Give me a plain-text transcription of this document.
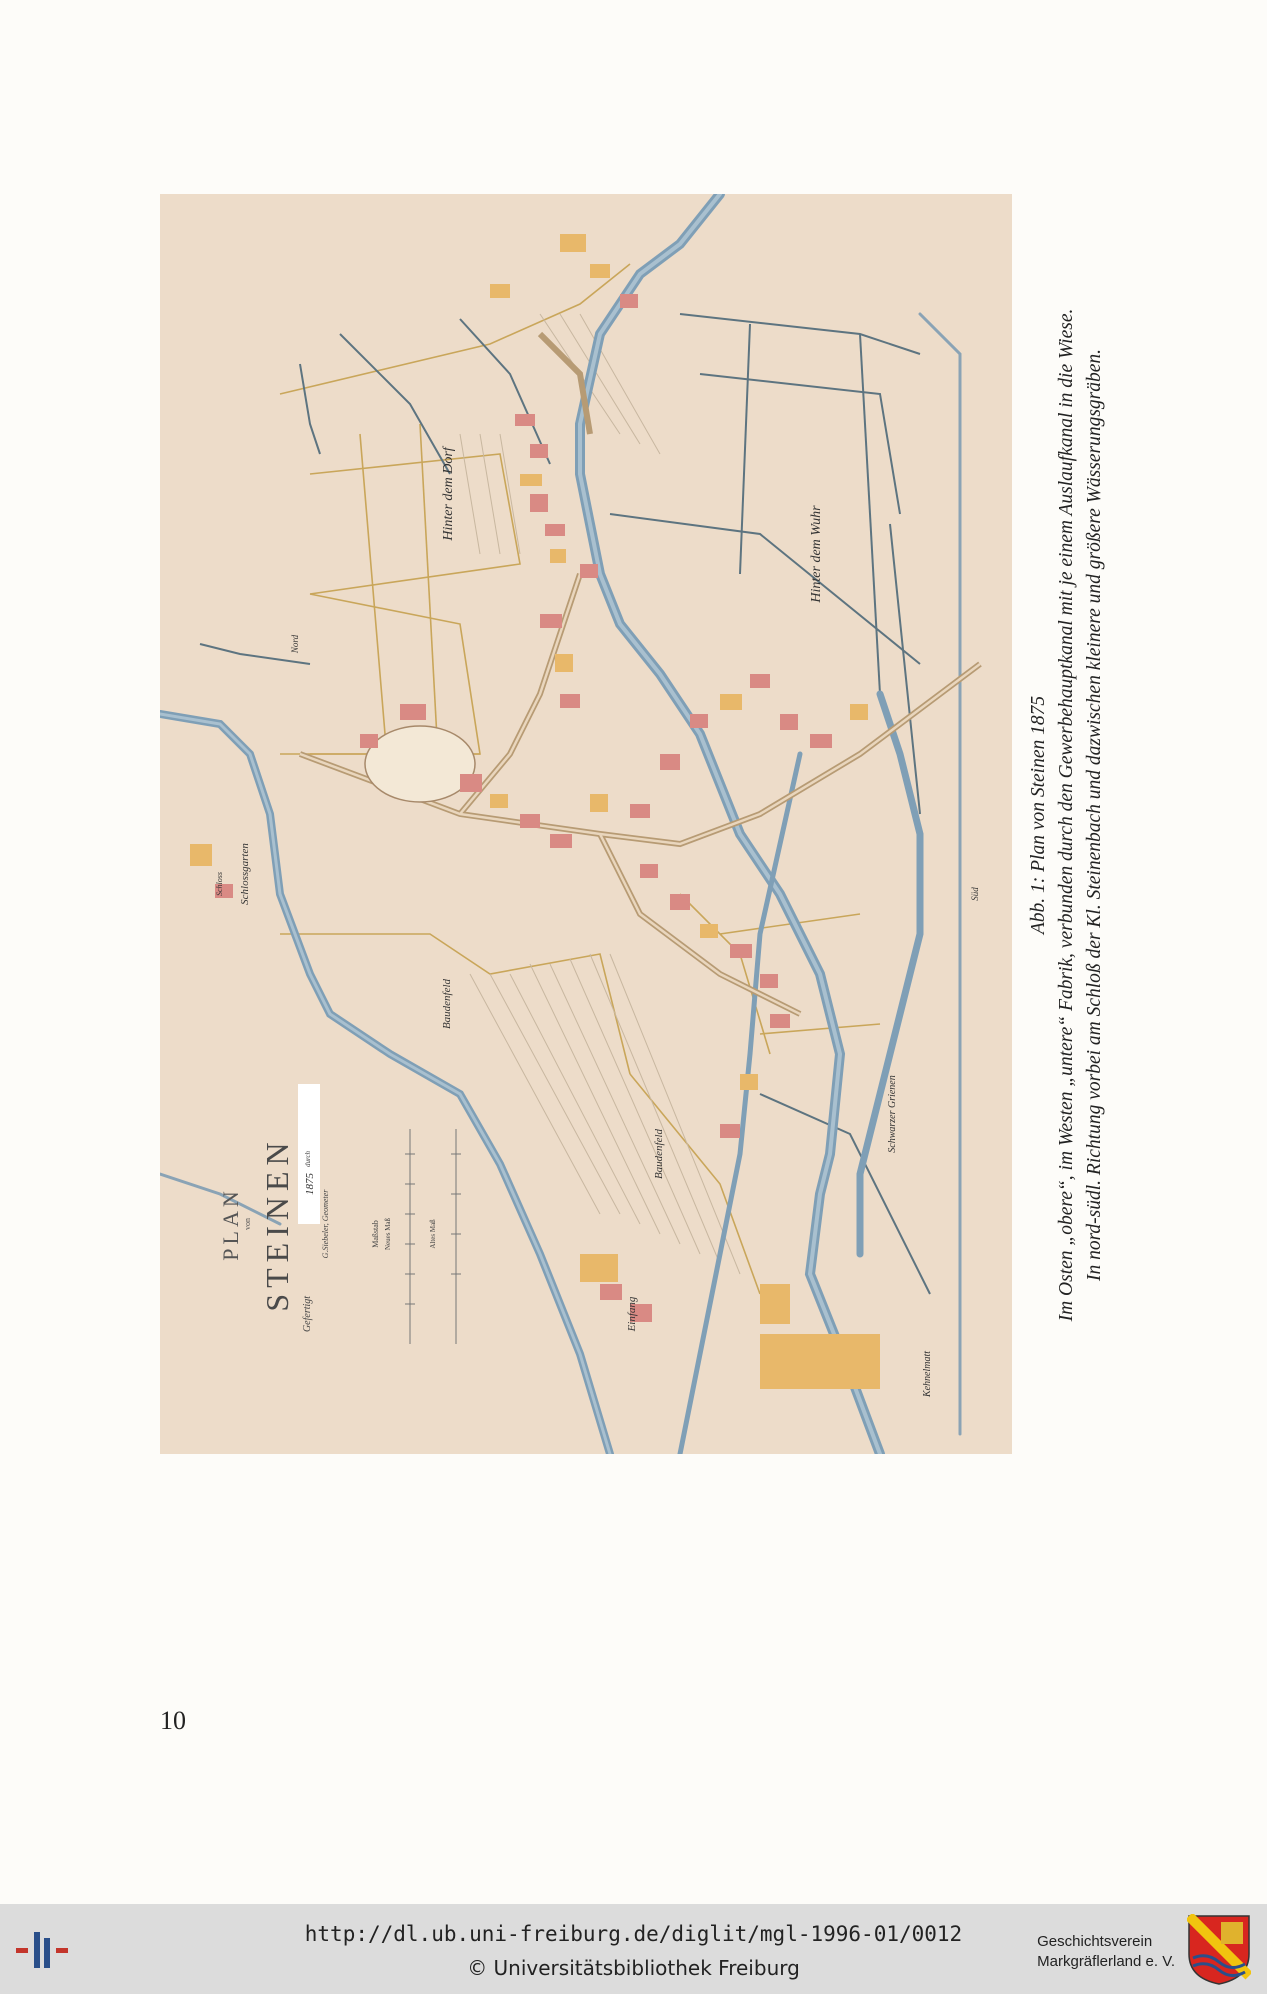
Hinter dem Dorf
Hinter dem Wuhr
Schloss Schlossgarten
Baudenfeld
Baudenfeld
Einfang
Kehnelmatt
Schwarzer Grienen
Nord
Süd
PLAN von STEINEN
Gefertigt
1875
durch
G.Siebeler, Geometer	Maßstab Neues Maß	Altes Maß
Abb. 1: Plan von Steinen 1875 Im Osten „obere“, im Westen „untere“ Fabrik, verbunden durch den Gewerbehauptkanal mit je einem Auslaufkanal in die Wiese. In nord-südl. Richtung vorbei am Schloß der Kl. Steinenbach und dazwischen kleinere und größere Wässerungsgräben.
10
http://dl.ub.uni-freiburg.de/diglit/mgl-1996-01/0012
© Universitätsbibliothek Freiburg
Geschichtsverein
Markgräflerland e. V.
